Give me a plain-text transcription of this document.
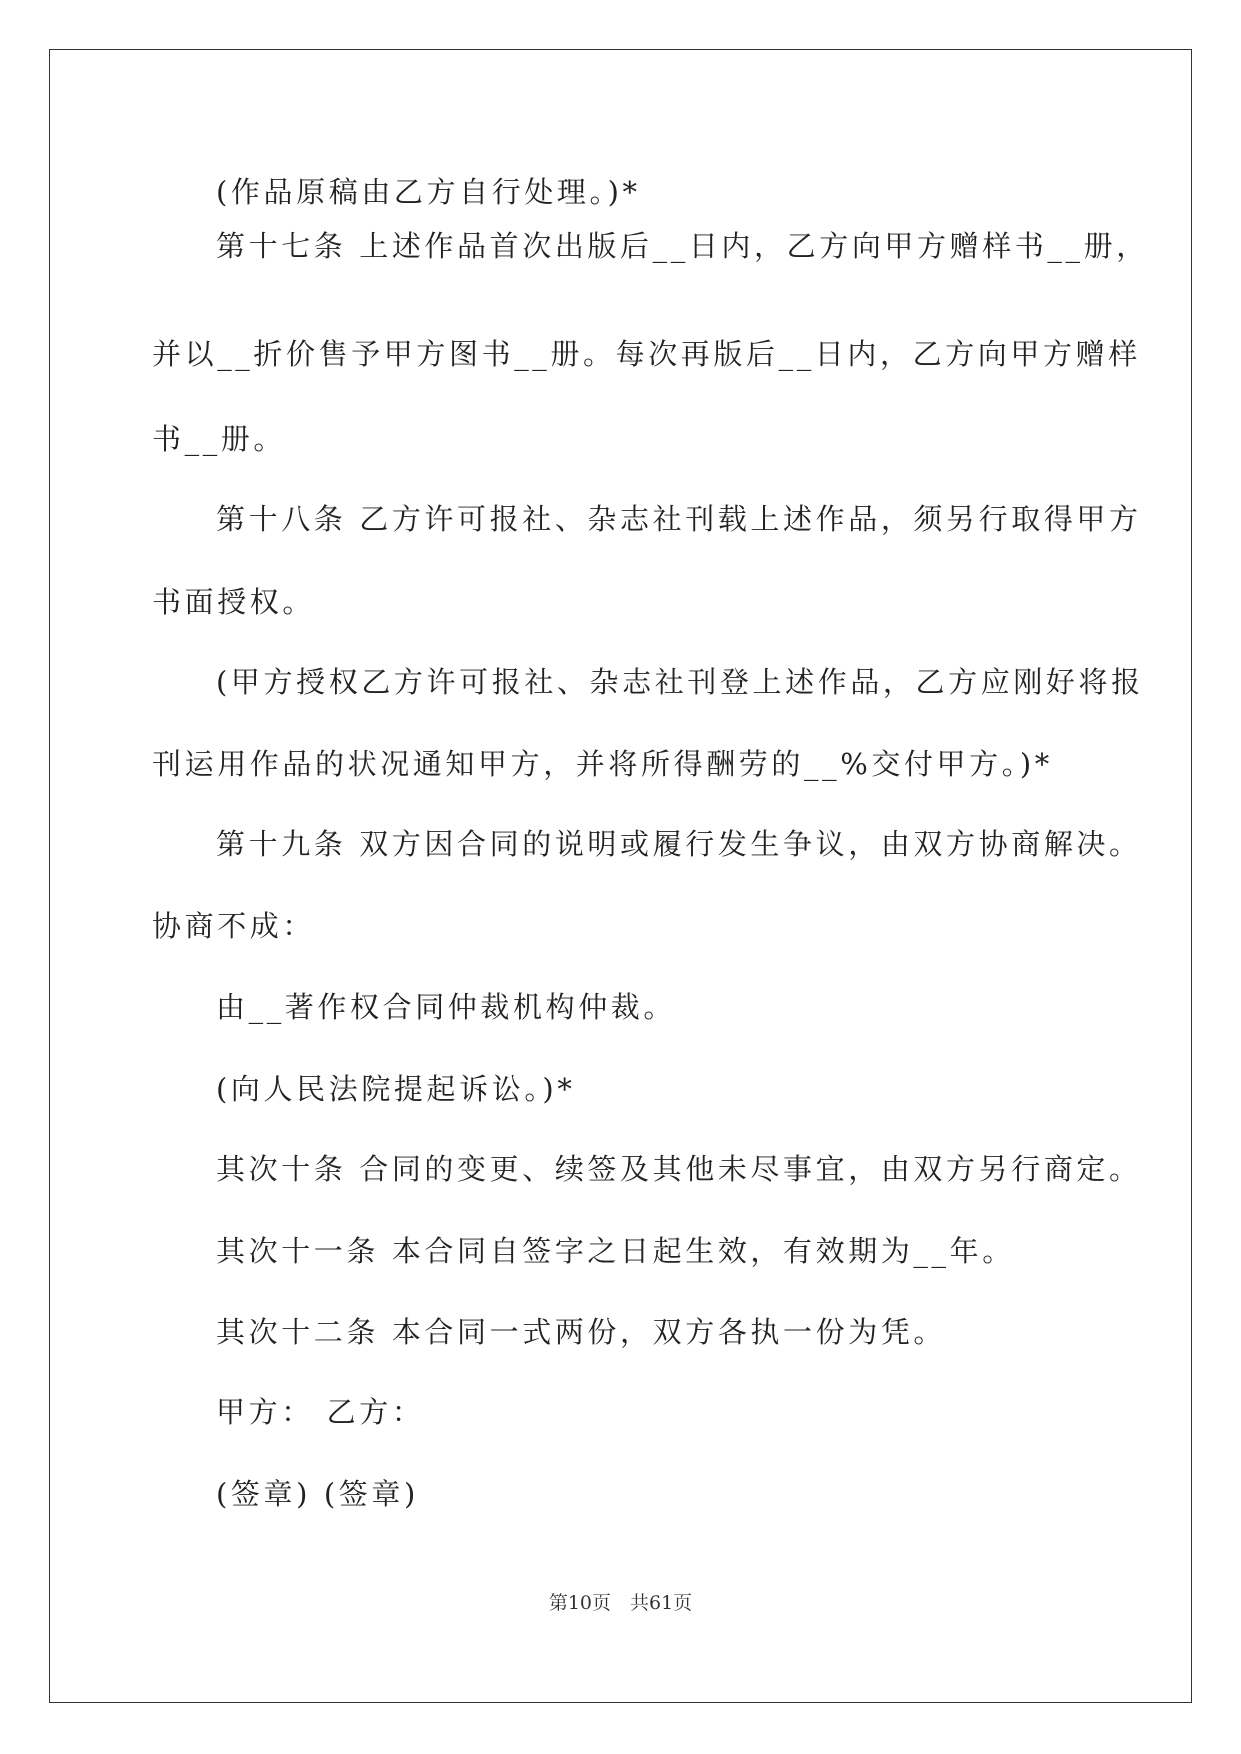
(作品原稿由乙方自行处理。)*
第十七条 上述作品首次出版后__日内，乙方向甲方赠样书__册，
并以__折价售予甲方图书__册。每次再版后__日内，乙方向甲方赠样
书__册。
第十八条 乙方许可报社、杂志社刊载上述作品，须另行取得甲方
书面授权。
(甲方授权乙方许可报社、杂志社刊登上述作品，乙方应刚好将报
刊运用作品的状况通知甲方，并将所得酬劳的__%交付甲方。)*
第十九条 双方因合同的说明或履行发生争议，由双方协商解决。
协商不成：
由__著作权合同仲裁机构仲裁。
(向人民法院提起诉讼。)*
其次十条 合同的变更、续签及其他未尽事宜，由双方另行商定。
其次十一条 本合同自签字之日起生效，有效期为__年。
其次十二条 本合同一式两份，双方各执一份为凭。
甲方： 乙方：
(签章) (签章)
第10页　共61页
